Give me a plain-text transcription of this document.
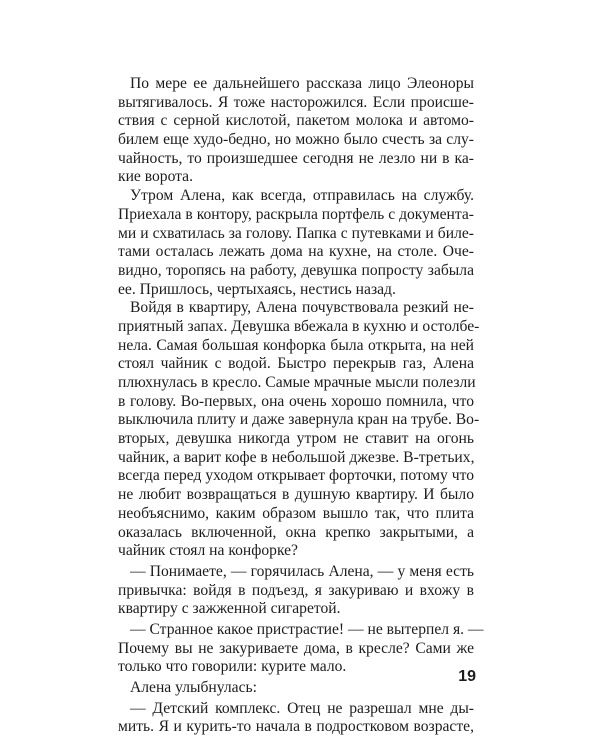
По мере ее дальнейшего рассказа лицо Элеоноры
вытягивалось. Я тоже насторожился. Если происше-
ствия с серной кислотой, пакетом молока и автомо-
билем еще худо-бедно, но можно было счесть за слу-
чайность, то произшедшее сегодня не лезло ни в ка-
кие ворота.
Утром Алена, как всегда, отправилась на службу.
Приехала в контору, раскрыла портфель с документа-
ми и схватилась за голову. Папка с путевками и биле-
тами осталась лежать дома на кухне, на столе. Оче-
видно, торопясь на работу, девушка попросту забыла
ее. Пришлось, чертыхаясь, нестись назад.
Войдя в квартиру, Алена почувствовала резкий не-
приятный запах. Девушка вбежала в кухню и остолбе-
нела. Самая большая конфорка была открыта, на ней
стоял чайник с водой. Быстро перекрыв газ, Алена
плюхнулась в кресло. Самые мрачные мысли полезли
в голову. Во-первых, она очень хорошо помнила, что
выключила плиту и даже завернула кран на трубе. Во-
вторых, девушка никогда утром не ставит на огонь
чайник, а варит кофе в небольшой джезве. В-третьих,
всегда перед уходом открывает форточки, потому что
не любит возвращаться в душную квартиру. И было
необъяснимо, каким образом вышло так, что плита
оказалась включенной, окна крепко закрытыми, а
чайник стоял на конфорке?
— Понимаете, — горячилась Алена, — у меня есть
привычка: войдя в подъезд, я закуриваю и вхожу в
квартиру с зажженной сигаретой.
— Странное какое пристрастие! — не вытерпел я. —
Почему вы не закуриваете дома, в кресле? Сами же
только что говорили: курите мало.
Алена улыбнулась:
— Детский комплекс. Отец не разрешал мне ды-
мить. Я и курить-то начала в подростковом возрасте,
19
